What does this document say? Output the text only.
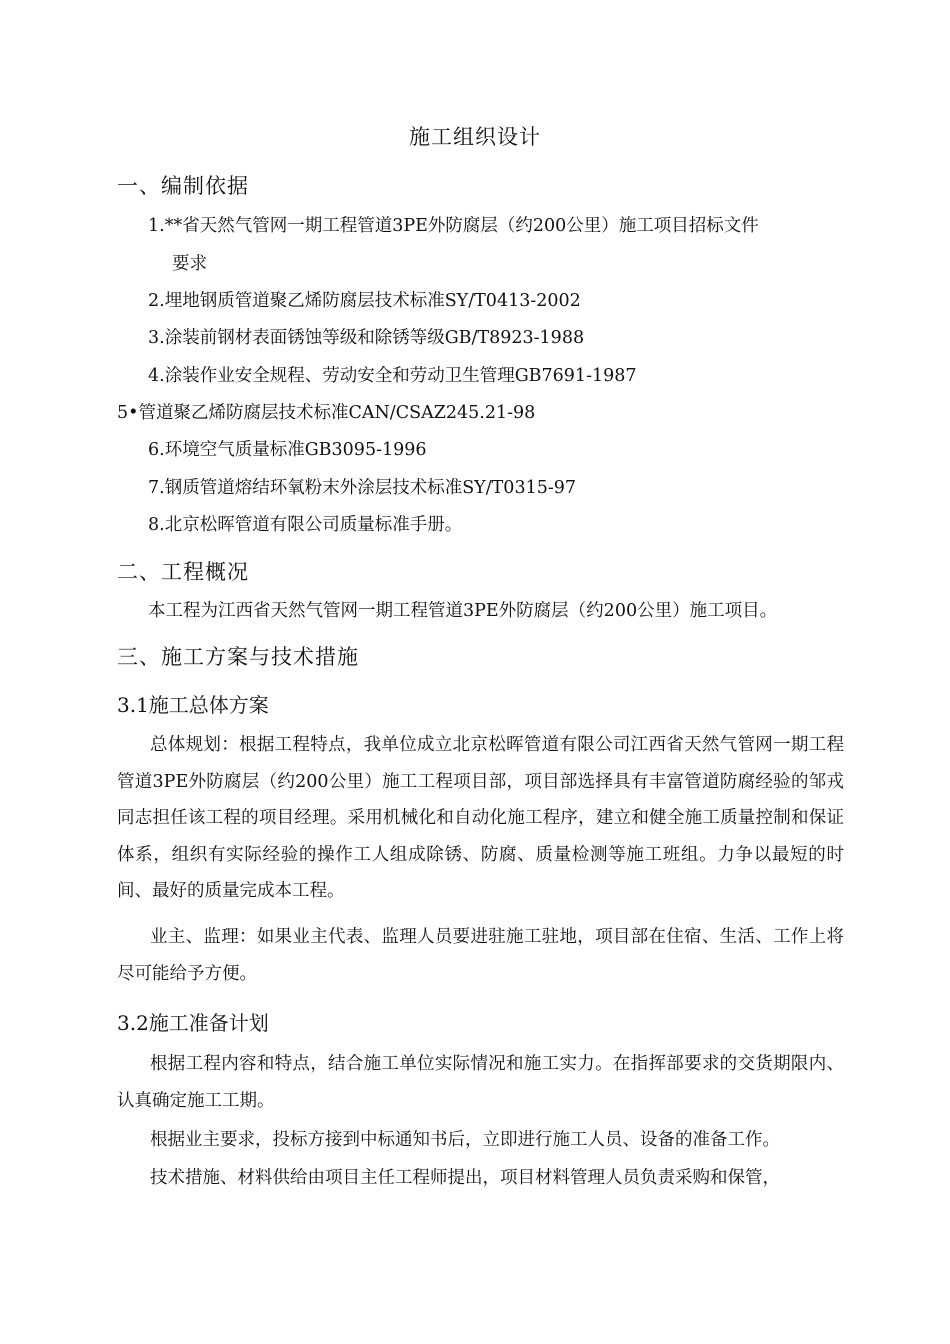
施工组织设计
一、编制依据
1.**省天然气管网一期工程管道3PE外防腐层（约200公里）施工项目招标文件
要求
2.埋地钢质管道聚乙烯防腐层技术标准SY/T0413-2002
3.涂装前钢材表面锈蚀等级和除锈等级GB/T8923-1988
4.涂装作业安全规程、劳动安全和劳动卫生管理GB7691-1987
5•管道聚乙烯防腐层技术标准CAN/CSAZ245.21-98
6.环境空气质量标准GB3095-1996
7.钢质管道熔结环氧粉末外涂层技术标准SY/T0315-97
8.北京松晖管道有限公司质量标准手册。
二、工程概况
本工程为江西省天然气管网一期工程管道3PE外防腐层（约200公里）施工项目。
三、施工方案与技术措施
3.1施工总体方案
总体规划：根据工程特点，我单位成立北京松晖管道有限公司江西省天然气管网一期工程管道3PE外防腐层（约200公里）施工工程项目部，项目部选择具有丰富管道防腐经验的邹戎同志担任该工程的项目经理。采用机械化和自动化施工程序，建立和健全施工质量控制和保证体系，组织有实际经验的操作工人组成除锈、防腐、质量检测等施工班组。力争以最短的时间、最好的质量完成本工程。
业主、监理：如果业主代表、监理人员要进驻施工驻地，项目部在住宿、生活、工作上将尽可能给予方便。
3.2施工准备计划
根据工程内容和特点，结合施工单位实际情况和施工实力。在指挥部要求的交货期限内、认真确定施工工期。
根据业主要求，投标方接到中标通知书后，立即进行施工人员、设备的准备工作。
技术措施、材料供给由项目主任工程师提出，项目材料管理人员负责采购和保管，
